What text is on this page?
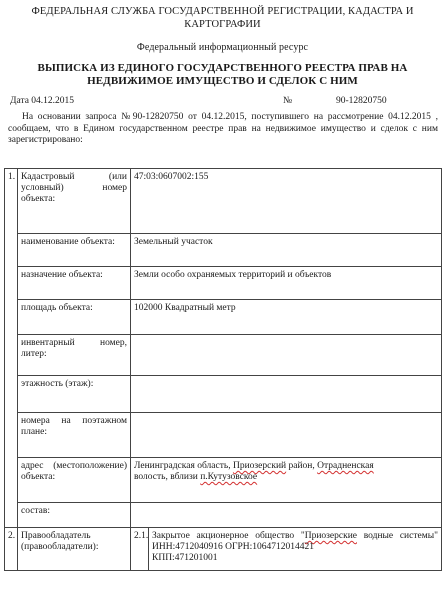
ФЕДЕРАЛЬНАЯ СЛУЖБА ГОСУДАРСТВЕННОЙ РЕГИСТРАЦИИ, КАДАСТРА И
КАРТОГРАФИИ
Федеральный информационный ресурс
ВЫПИСКА ИЗ ЕДИНОГО ГОСУДАРСТВЕННОГО РЕЕСТРА ПРАВ НА
НЕДВИЖИМОЕ ИМУЩЕСТВО И СДЕЛОК С НИМ
Дата 04.12.2015	№	90-12820750
На основании запроса №90-12820750 от 04.12.2015, поступившего на рассмотрение 04.12.2015 , сообщаем, что в Едином государственном реестре прав на недвижимое имущество и сделок с ним зарегистрировано:
1.	Кадастровый (или условный) номер объекта:	47:03:0607002:155	
	наименование объекта:	Земельный участок	
	назначение объекта:	Земли особо охраняемых территорий и объектов	
	площадь объекта:	102000 Квадратный метр	
	инвентарный номер, литер:		
	этажность (этаж):		
	номера на поэтажном плане:		
	адрес (местоположение) объекта:	Ленинградская область, Приозерский район, Отрадненская
волость, вблизи п.Кутузовское	
	состав:		
2.	Правообладатель (правообладатели):	2.1.	Закрытое акционерное общество "Приозерские водные системы" ИНН:4712040916 ОГРН:1064712014421
КПП:471201001
